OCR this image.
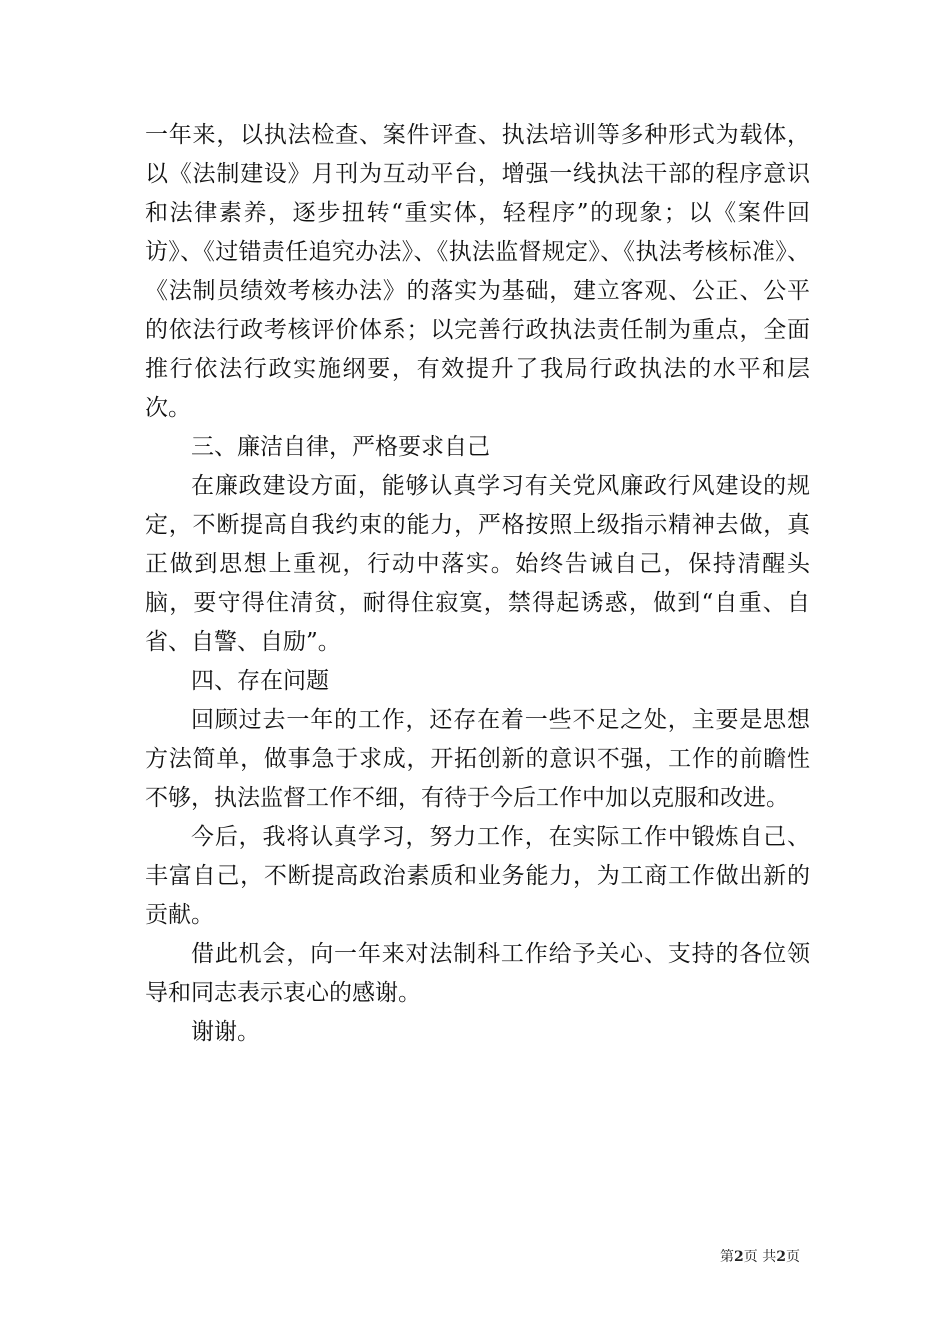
一年来，以执法检查、案件评查、执法培训等多种形式为载体，以《法制建设》月刊为互动平台，增强一线执法干部的程序意识和法律素养，逐步扭转“重实体，轻程序”的现象；以《案件回访》、《过错责任追究办法》、《执法监督规定》、《执法考核标准》、《法制员绩效考核办法》的落实为基础，建立客观、公正、公平的依法行政考核评价体系；以完善行政执法责任制为重点，全面推行依法行政实施纲要，有效提升了我局行政执法的水平和层次。

三、廉洁自律，严格要求自己

在廉政建设方面，能够认真学习有关党风廉政行风建设的规定，不断提高自我约束的能力，严格按照上级指示精神去做，真正做到思想上重视，行动中落实。始终告诫自己，保持清醒头脑，要守得住清贫，耐得住寂寞，禁得起诱惑，做到“自重、自省、自警、自励”。

四、存在问题

回顾过去一年的工作，还存在着一些不足之处，主要是思想方法简单，做事急于求成，开拓创新的意识不强，工作的前瞻性不够，执法监督工作不细，有待于今后工作中加以克服和改进。

今后，我将认真学习，努力工作，在实际工作中锻炼自己、丰富自己，不断提高政治素质和业务能力，为工商工作做出新的贡献。

借此机会，向一年来对法制科工作给予关心、支持的各位领导和同志表示衷心的感谢。

谢谢。

第2页 共2页
